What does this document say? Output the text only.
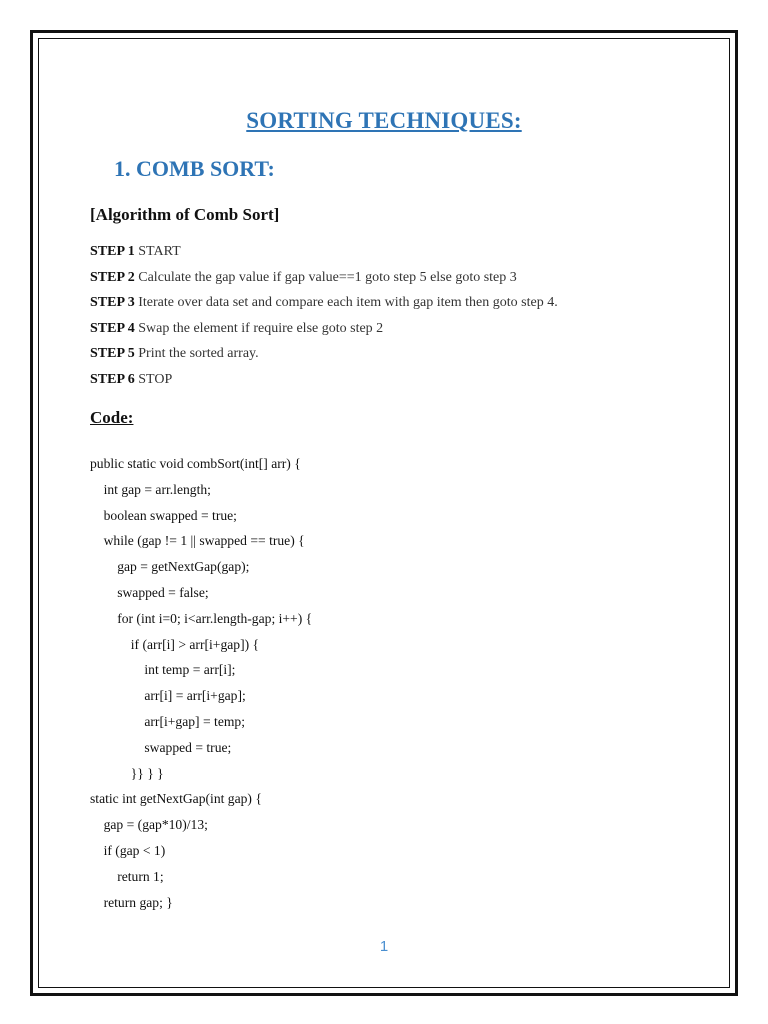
SORTING TECHNIQUES:
1. COMB SORT:
[Algorithm of Comb Sort]
STEP 1 START
STEP 2 Calculate the gap value if gap value==1 goto step 5 else goto step 3
STEP 3 Iterate over data set and compare each item with gap item then goto step 4.
STEP 4 Swap the element if require else goto step 2
STEP 5 Print the sorted array.
STEP 6 STOP
Code:
public static void combSort(int[] arr) {
int gap = arr.length;
boolean swapped = true;
while (gap != 1 || swapped == true) {
gap = getNextGap(gap);
swapped = false;
for (int i=0; i<arr.length-gap; i++) {
if (arr[i] > arr[i+gap]) {
int temp = arr[i];
arr[i] = arr[i+gap];
arr[i+gap] = temp;
swapped = true;
}} } }
static int getNextGap(int gap) {
gap = (gap*10)/13;
if (gap < 1)
return 1;
return gap; }
1
